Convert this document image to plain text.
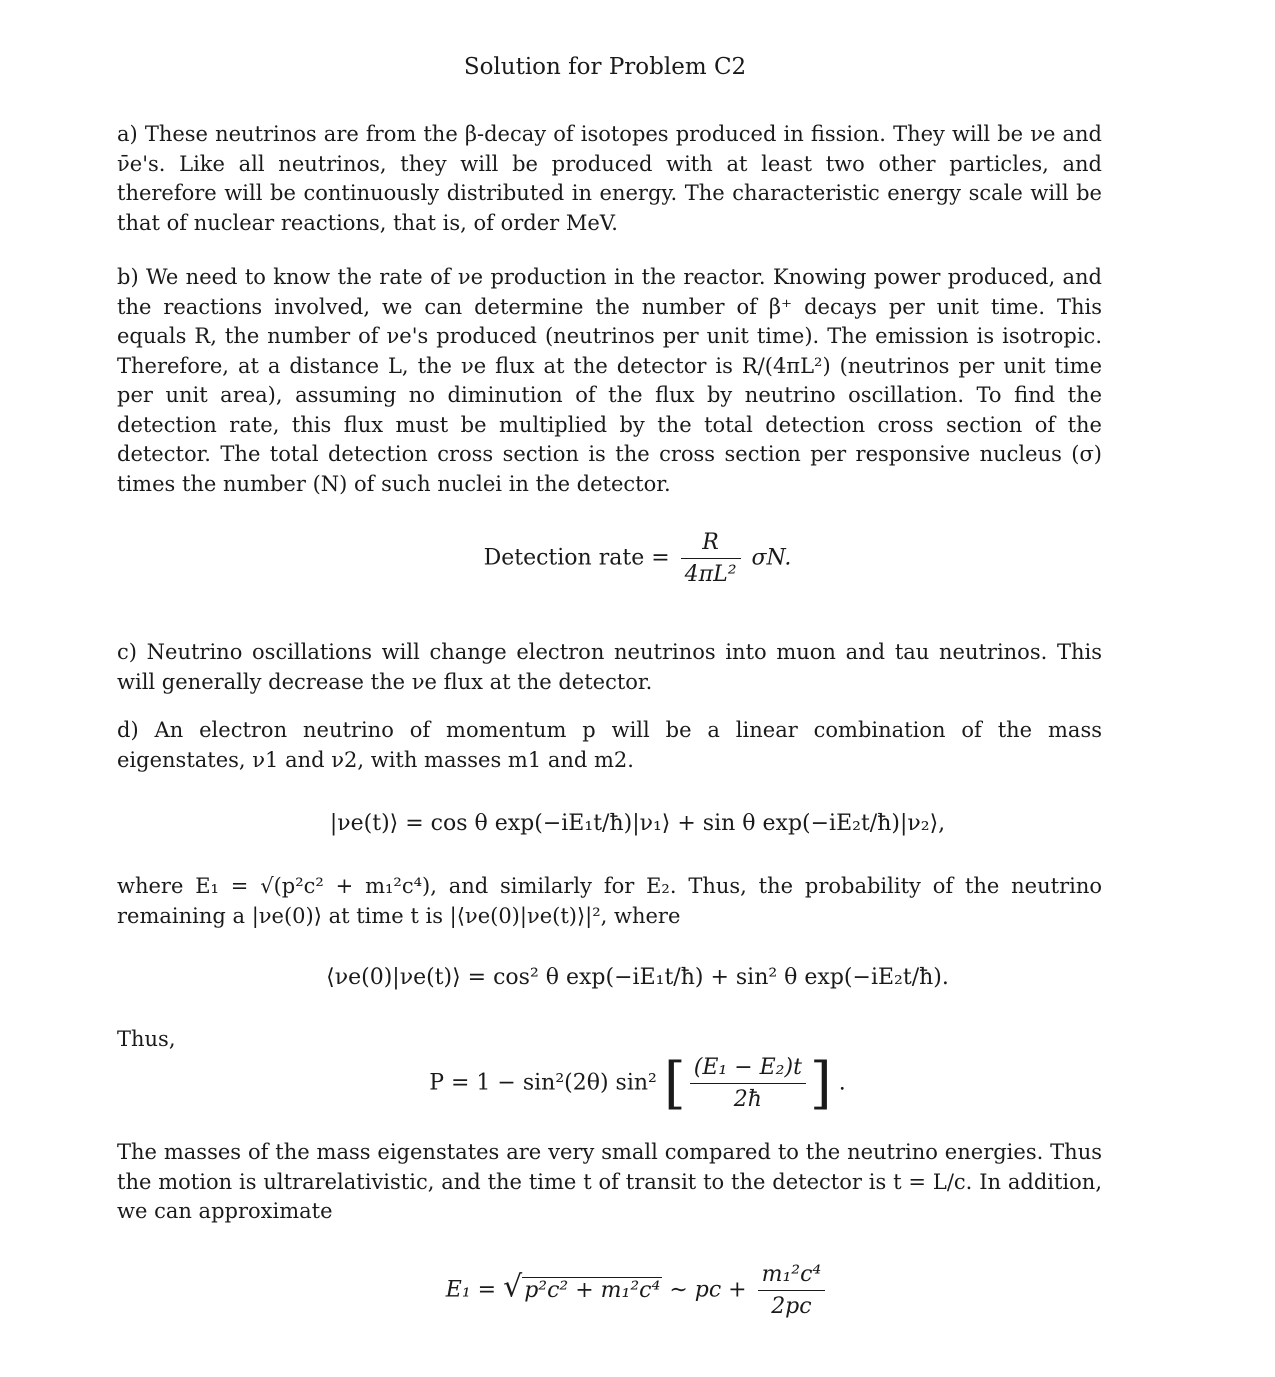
Solution for Problem C2
a) These neutrinos are from the β-decay of isotopes produced in fission. They will be νe and ν̄e's. Like all neutrinos, they will be produced with at least two other particles, and therefore will be continuously distributed in energy. The characteristic energy scale will be that of nuclear reactions, that is, of order MeV.
b) We need to know the rate of νe production in the reactor. Knowing power produced, and the reactions involved, we can determine the number of β⁺ decays per unit time. This equals R, the number of νe's produced (neutrinos per unit time). The emission is isotropic. Therefore, at a distance L, the νe flux at the detector is R/(4πL²) (neutrinos per unit time per unit area), assuming no diminution of the flux by neutrino oscillation. To find the detection rate, this flux must be multiplied by the total detection cross section of the detector. The total detection cross section is the cross section per responsive nucleus (σ) times the number (N) of such nuclei in the detector.
Detection rate = $\frac{R}{\text{4πL²}} \sigma N$.
c) Neutrino oscillations will change electron neutrinos into muon and tau neutrinos. This will generally decrease the νe flux at the detector.
d) An electron neutrino of momentum p will be a linear combination of the mass eigenstates, ν1 and ν2, with masses m1 and m2.
|νe(t)⟩ = cos θ exp(−iE₁t/ħ)|ν₁⟩ + sin θ exp(−iE₂t/ħ)|ν₂⟩,
where E₁ = √(p²c² + m₁²c⁴), and similarly for E₂. Thus, the probability of the neutrino remaining a |νe(0)⟩ at time t is |⟨νe(0)|νe(t)⟩|², where
⟨νe(0)|νe(t)⟩ = cos² θ exp(−iE₁t/ħ) + sin² θ exp(−iE₂t/ħ).
Thus,
P = 1 − sin²(2θ) sin² [ $\frac{\text{(E₁ − E₂)t}}{2ħ}$ ] .
The masses of the mass eigenstates are very small compared to the neutrino energies. Thus the motion is ultrarelativistic, and the time t of transit to the detector is t = L/c. In addition, we can approximate
E₁ = √p²c² + m₁²c⁴ ∼ pc + $\frac{\text{m₁²c⁴}}{2pc}$
